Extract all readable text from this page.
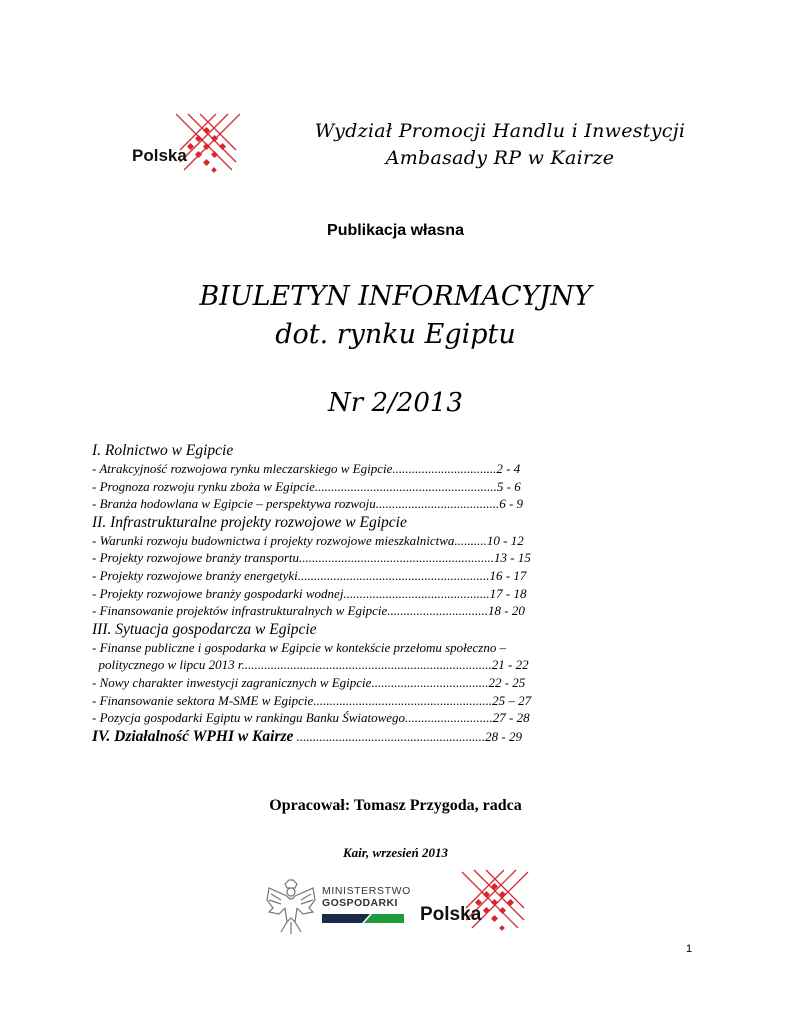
Polska
Wydział Promocji Handlu i Inwestycji
Ambasady RP w Kairze
Publikacja własna
BIULETYN INFORMACYJNY
dot. rynku Egiptu
Nr 2/2013
I. Rolnictwo w Egipcie
- Atrakcyjność rozwojowa rynku mleczarskiego w Egipcie................................2 - 4
- Prognoza rozwoju rynku zboża w Egipcie........................................................5 - 6
- Branża hodowlana w Egipcie – perspektywa rozwoju......................................6 - 9
II. Infrastrukturalne projekty rozwojowe w Egipcie
- Warunki rozwoju budownictwa i projekty rozwojowe mieszkalnictwa..........10 - 12
- Projekty rozwojowe branży transportu............................................................13 - 15
- Projekty rozwojowe branży energetyki...........................................................16 - 17
- Projekty rozwojowe branży gospodarki wodnej.............................................17 - 18
- Finansowanie projektów infrastrukturalnych w Egipcie...............................18 - 20
III. Sytuacja gospodarcza w Egipcie
- Finanse publiczne i gospodarka w Egipcie w kontekście przełomu społeczno –
politycznego w lipcu 2013 r.............................................................................21 - 22
- Nowy charakter inwestycji zagranicznych w Egipcie....................................22 - 25
- Finansowanie sektora M-SME w Egipcie.......................................................25 – 27
- Pozycja gospodarki Egiptu w rankingu Banku Światowego...........................27 - 28
IV. Działalność WPHI w Kairze ..........................................................28 - 29
Opracował: Tomasz Przygoda, radca
Kair, wrzesień 2013
MINISTERSTWO
GOSPODARKI
Polska
1
